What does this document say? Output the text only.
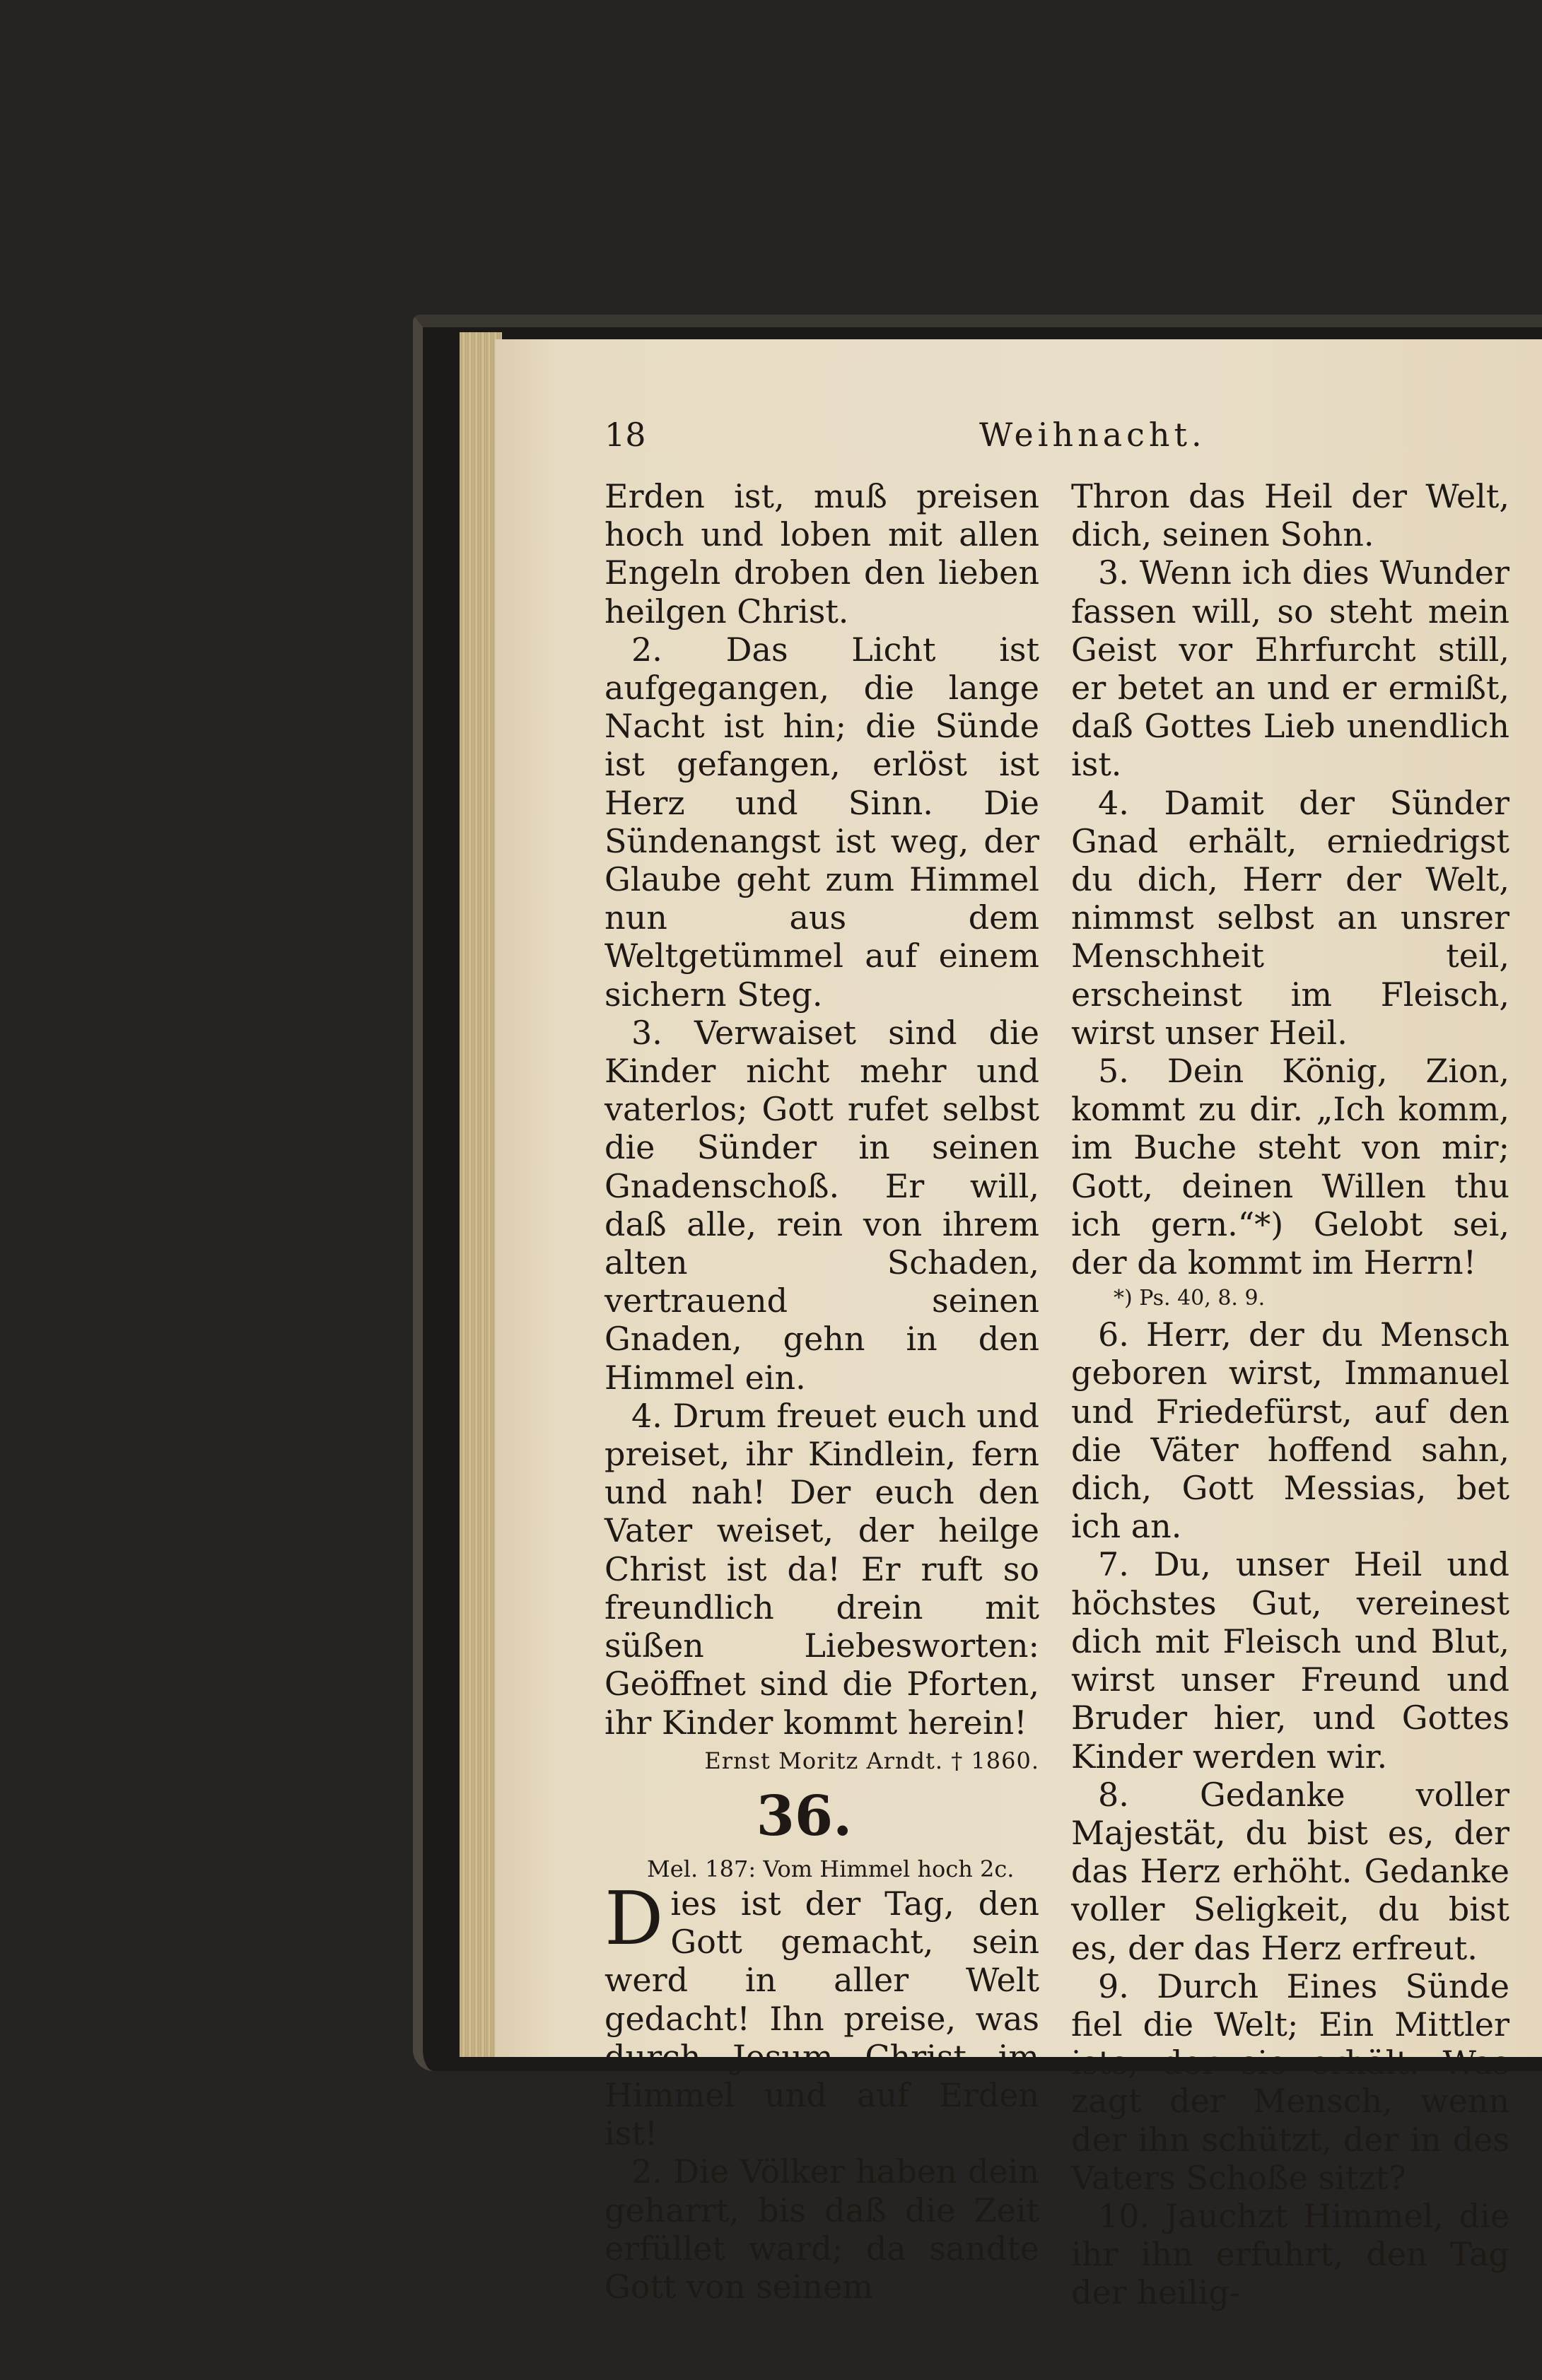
18	Weihnacht.

Erden ist, muß preisen hoch und loben mit allen Engeln droben den lieben heilgen Christ.

2. Das Licht ist aufgegangen, die lange Nacht ist hin; die Sünde ist gefangen, erlöst ist Herz und Sinn. Die Sündenangst ist weg, der Glaube geht zum Himmel nun aus dem Weltgetümmel auf einem sichern Steg.

3. Verwaiset sind die Kinder nicht mehr und vaterlos; Gott rufet selbst die Sünder in seinen Gnadenschoß. Er will, daß alle, rein von ihrem alten Schaden, vertrauend seinen Gnaden, gehn in den Himmel ein.

4. Drum freuet euch und preiset, ihr Kindlein, fern und nah! Der euch den Vater weiset, der heilge Christ ist da! Er ruft so freundlich drein mit süßen Liebesworten: Geöffnet sind die Pforten, ihr Kinder kommt herein!

Ernst Moritz Arndt. † 1860.

36.

Mel. 187: Vom Himmel hoch 2c.

Dies ist der Tag, den Gott gemacht, sein werd in aller Welt gedacht! Ihn preise, was durch Jesum Christ im Himmel und auf Erden ist!

2. Die Völker haben dein geharrt, bis daß die Zeit erfüllet ward; da sandte Gott von seinem

Thron das Heil der Welt, dich, seinen Sohn.

3. Wenn ich dies Wunder fassen will, so steht mein Geist vor Ehrfurcht still, er betet an und er ermißt, daß Gottes Lieb unendlich ist.

4. Damit der Sünder Gnad erhält, erniedrigst du dich, Herr der Welt, nimmst selbst an unsrer Menschheit teil, erscheinst im Fleisch, wirst unser Heil.

5. Dein König, Zion, kommt zu dir. „Ich komm, im Buche steht von mir; Gott, deinen Willen thu ich gern.“*) Gelobt sei, der da kommt im Herrn!

*) Ps. 40, 8. 9.

6. Herr, der du Mensch geboren wirst, Immanuel und Friedefürst, auf den die Väter hoffend sahn, dich, Gott Messias, bet ich an.

7. Du, unser Heil und höchstes Gut, vereinest dich mit Fleisch und Blut, wirst unser Freund und Bruder hier, und Gottes Kinder werden wir.

8. Gedanke voller Majestät, du bist es, der das Herz erhöht. Gedanke voller Seligkeit, du bist es, der das Herz erfreut.

9. Durch Eines Sünde fiel die Welt; Ein Mittler ists, der sie erhält. Was zagt der Mensch, wenn der ihn schützt, der in des Vaters Schoße sitzt?

10. Jauchzt Himmel, die ihr ihn erfuhrt, den Tag der heilig-
